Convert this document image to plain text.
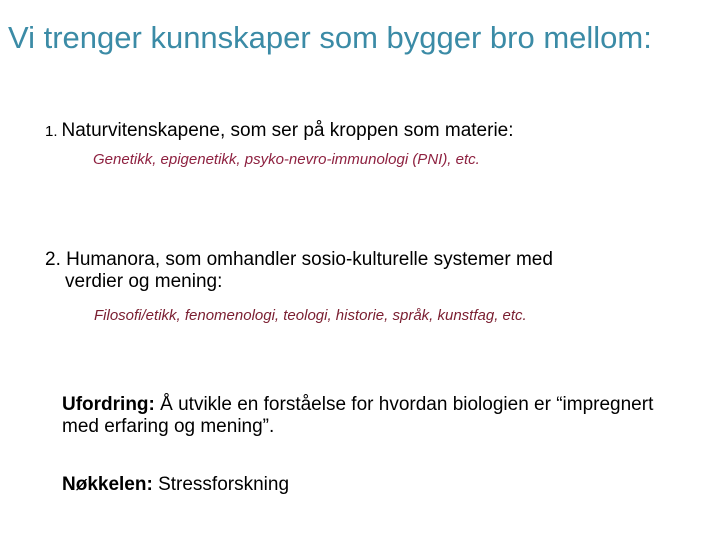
Vi trenger kunnskaper som bygger bro mellom:
1. Naturvitenskapene, som ser på kroppen som materie:
Genetikk, epigenetikk, psyko-nevro-immunologi (PNI), etc.
2. Humanora, som omhandler sosio-kulturelle systemer med
verdier og mening:
Filosofi/etikk, fenomenologi, teologi, historie, språk, kunstfag, etc.
Ufordring: Å utvikle en forståelse for hvordan biologien er “impregnert med erfaring og mening”.
Nøkkelen: Stressforskning
